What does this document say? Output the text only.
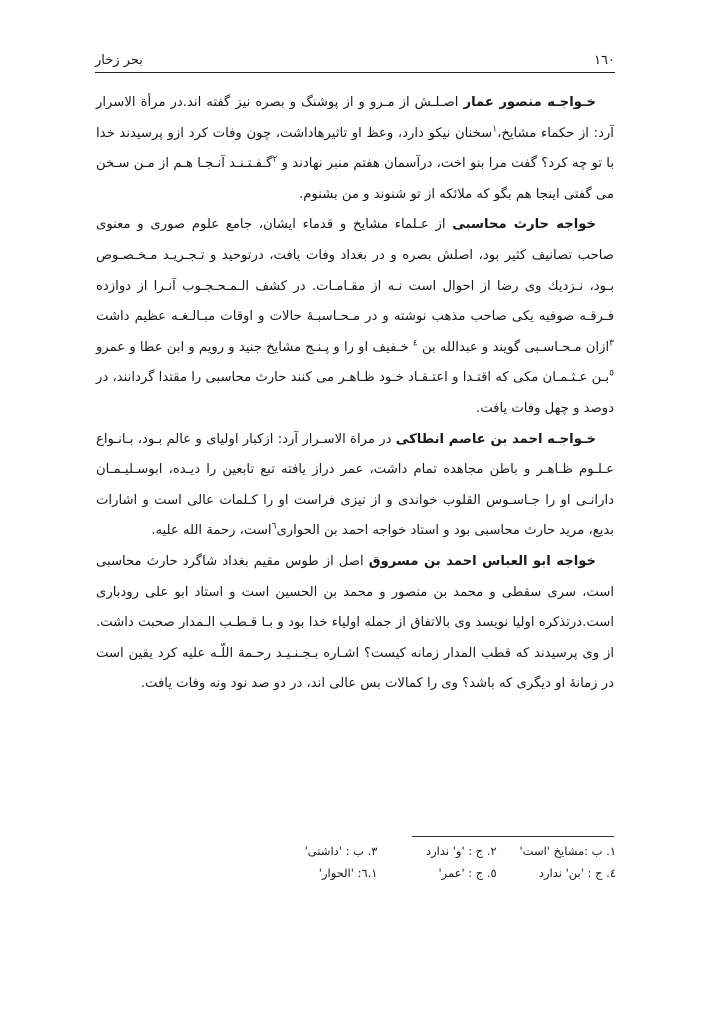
١٦٠
بحر زخار

خـواجـه منصور عمار اصـلـش از مـرو و از پوشنگ و بصره نیز گفته اند.در مرأة الاسرار آرد: از حکماء مشایخ،$^١$سخنان نیکو دارد، وعظ او تاثیرهاداشت، چون وفات کرد ازو پرسیدند خدا با تو چه کرد؟ گفت مرا بنو اخت، درآسمان هفتم منبر نهادند و $^٢$گـفـتـنـد آنـجـا هـم از مـن سـخن می گفتی اینجا هم بگو که ملائکه از تو شنوند و من بشنوم.

خواجه حارث محاسبی از عـلماء مشایخ و قدماء ایشان، جامع علوم صوری و معنوی صاحب تصانیف کثیر بود، اصلش بصره و در بغداد وفات یافت، درتوحید و تـجـریـد مـخـصـوص بـود، نـزدیك وی رضا از احوال است نـه از مقـامـات. در کشف الـمـحـجـوب آنـرا از دوازده فـرقـه صوفیه یکی صاحب مذهب نوشته و در مـحـاسبـهٔ حالات و اوقات مبـالـغـه عظیم داشت $^٣$ازان مـحـاسـبی گویند و عبدالله بن $^٤$ خـفیف او را و پـنـج مشایخ جنید و رویم و ابن عطا و عمرو $^٥$بـن عـثـمـان مکی که اقتـدا و اعتـقـاد خـود ظـاهـر می کنند حارث محاسبی را مقتدا گردانند، در دوصد و چهل وفات یافت.

خـواجـه احمد بن عاصم انطاکی در مراة الاسـرار آرد: ازکبار اولیای و عالم بـود، بـانـواع عـلـوم ظـاهـر و باطن مجاهده تمام داشت، عمر دراز یافته تبع تابعین را دیـده، ابوسـلیـمـان دارانـی او را جـاسـوس القلوب خواندی و از تیزی فراست او را کـلمات عالی است و اشارات بدیع، مرید حارث محاسبی بود و استاد خواجه احمد بن الحواری$^٦$است، رحمة الله علیه.

خواجه ابو العباس احمد بن مسروق اصل از طوس مقیم بغداد شاگرد حارث محاسبی است، سری سقطی و محمد بن منصور و محمد بن الحسین است و استاد ابو علی رودباری است.درتذکره اولیا نویسد وی بالاتفاق از جمله اولیاء خدا بود و بـا قـطـب الـمدار صحبت داشت. از وی پرسیدند که قطب المدار زمانه کیست؟ اشـاره بـجـنـیـد رحـمة اللّـه علیه کرد یقین است در زمانهٔ او دیگری که باشد؟ وی را کمالات بس عالی اند، در دو صد نود ونه وفات یافت.

١. ب :مشایخ 'است'
٢. ج : 'و' ندارد
٣. ب : 'داشتی'
٤. ج : 'بن' ندارد
٥. ج : 'عمر'
٦.١: 'الحوار'
